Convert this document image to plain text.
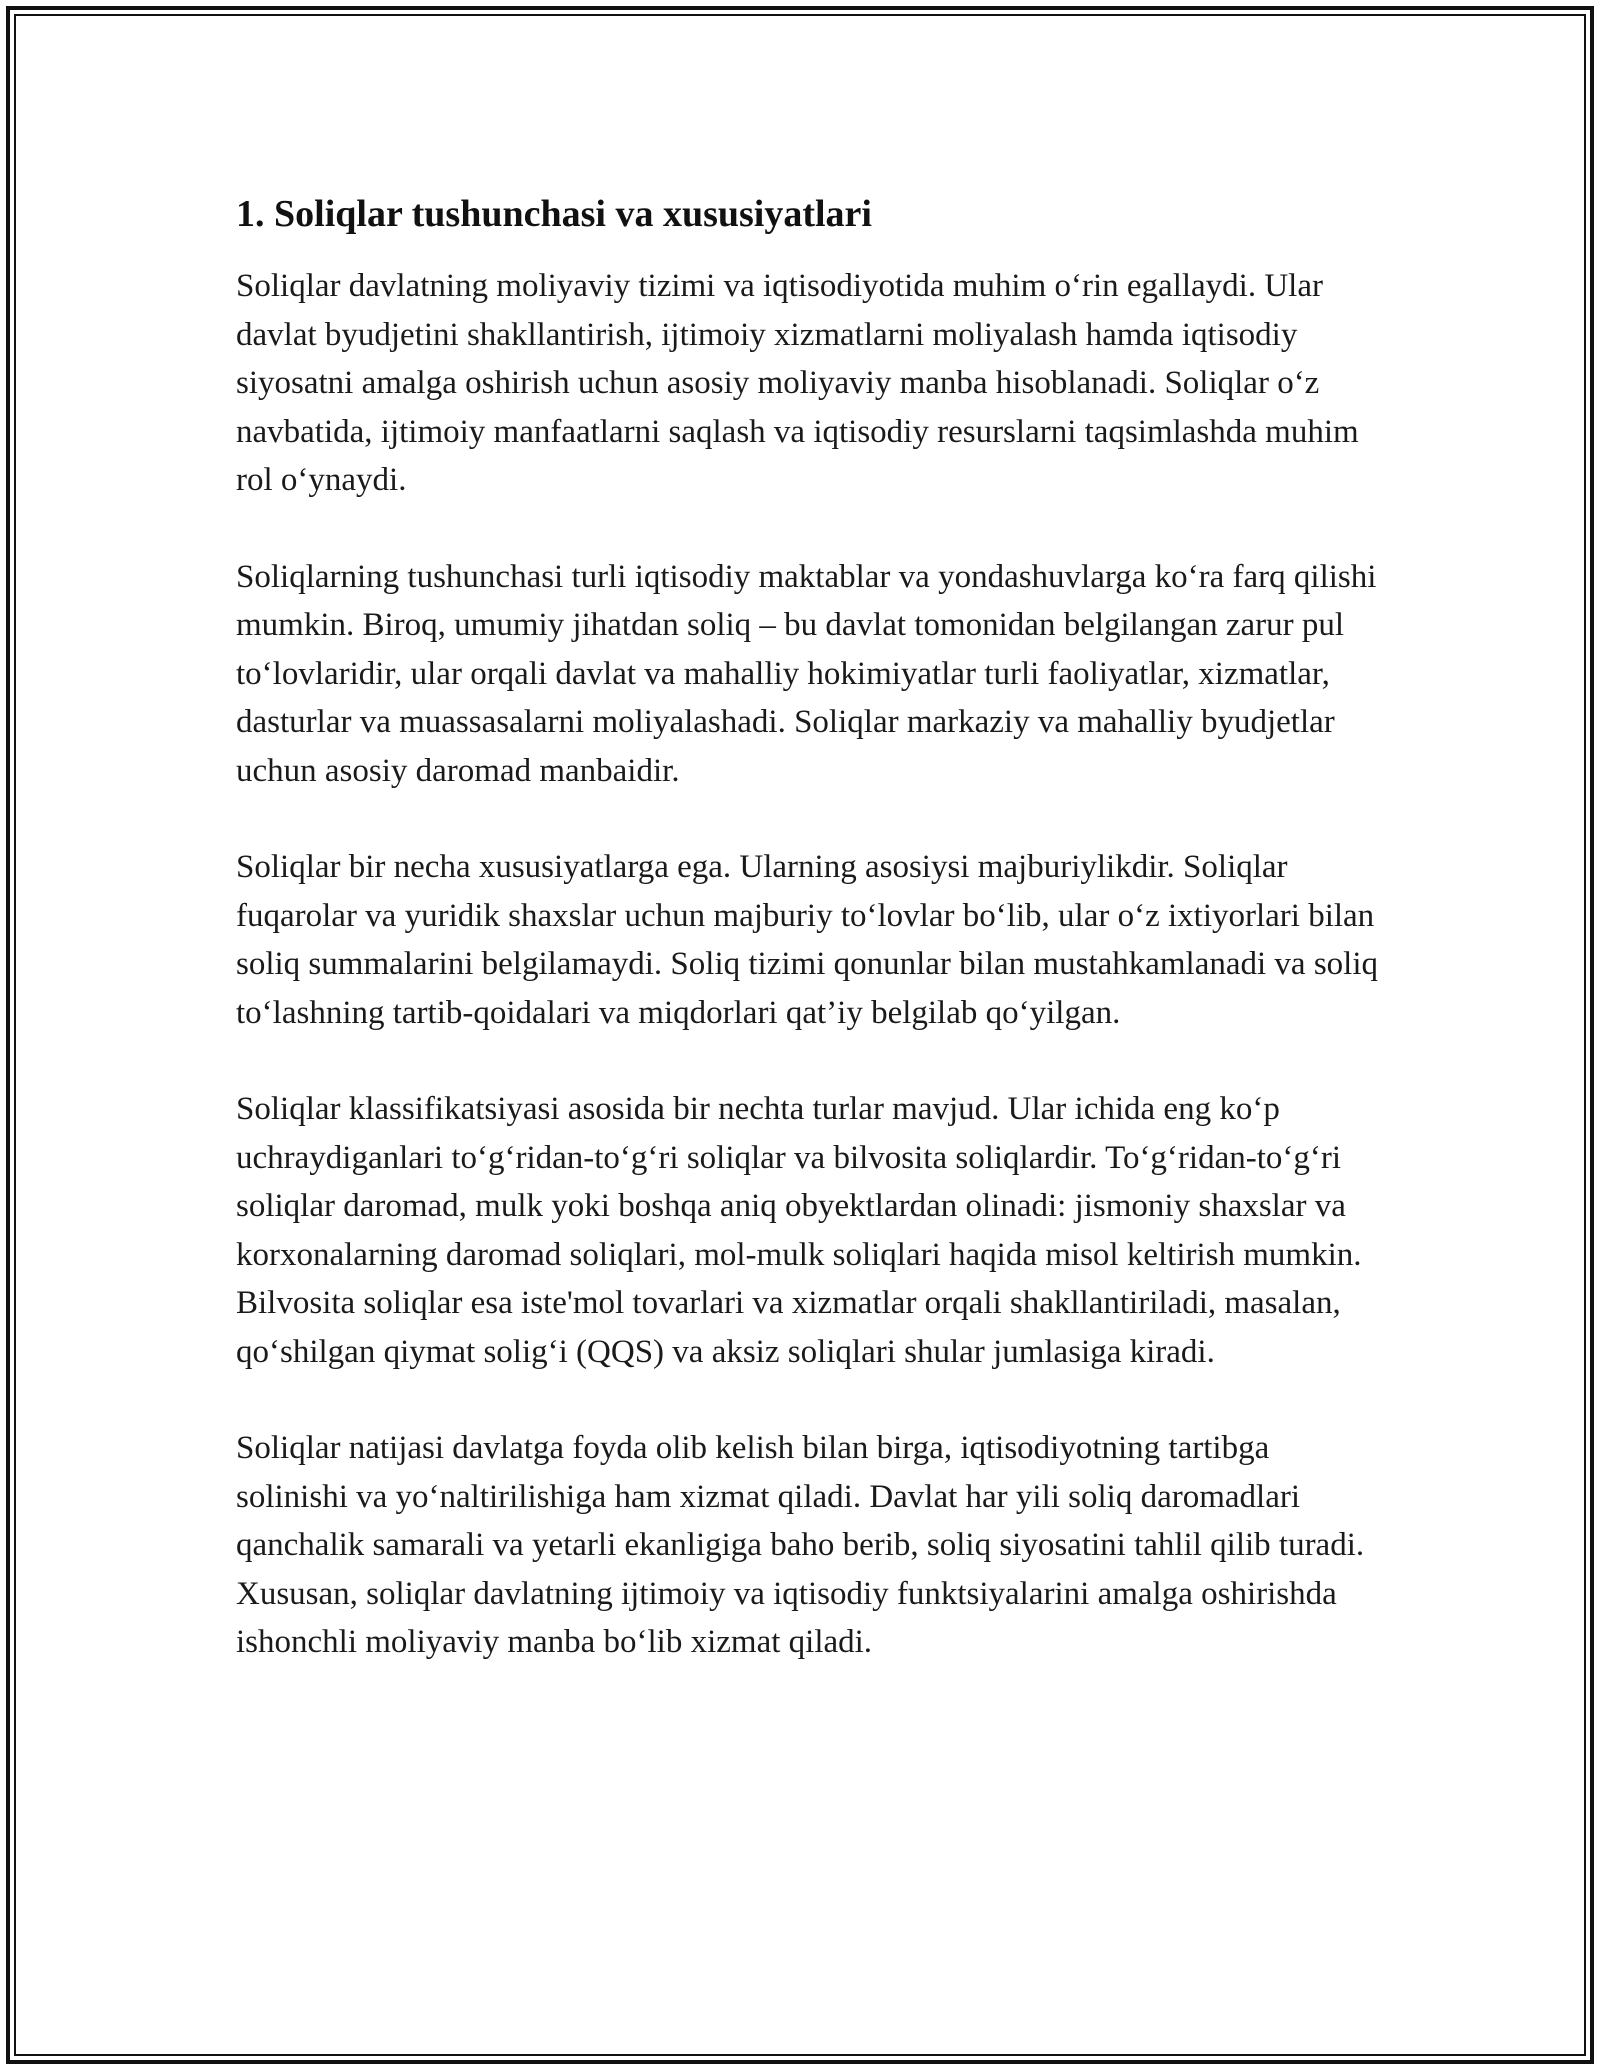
1. Soliqlar tushunchasi va xususiyatlari

Soliqlar davlatning moliyaviy tizimi va iqtisodiyotida muhim o‘rin egallaydi. Ular davlat byudjetini shakllantirish, ijtimoiy xizmatlarni moliyalash hamda iqtisodiy siyosatni amalga oshirish uchun asosiy moliyaviy manba hisoblanadi. Soliqlar o‘z navbatida, ijtimoiy manfaatlarni saqlash va iqtisodiy resurslarni taqsimlashda muhim rol o‘ynaydi.

Soliqlarning tushunchasi turli iqtisodiy maktablar va yondashuvlarga ko‘ra farq qilishi mumkin. Biroq, umumiy jihatdan soliq – bu davlat tomonidan belgilangan zarur pul to‘lovlaridir, ular orqali davlat va mahalliy hokimiyatlar turli faoliyatlar, xizmatlar, dasturlar va muassasalarni moliyalashadi. Soliqlar markaziy va mahalliy byudjetlar uchun asosiy daromad manbaidir.

Soliqlar bir necha xususiyatlarga ega. Ularning asosiysi majburiylikdir. Soliqlar fuqarolar va yuridik shaxslar uchun majburiy to‘lovlar bo‘lib, ular o‘z ixtiyorlari bilan soliq summalarini belgilamaydi. Soliq tizimi qonunlar bilan mustahkamlanadi va soliq to‘lashning tartib-qoidalari va miqdorlari qat’iy belgilab qo‘yilgan.

Soliqlar klassifikatsiyasi asosida bir nechta turlar mavjud. Ular ichida eng ko‘p uchraydiganlari to‘g‘ridan-to‘g‘ri soliqlar va bilvosita soliqlardir. To‘g‘ridan-to‘g‘ri soliqlar daromad, mulk yoki boshqa aniq obyektlardan olinadi: jismoniy shaxslar va korxonalarning daromad soliqlari, mol-mulk soliqlari haqida misol keltirish mumkin. Bilvosita soliqlar esa iste'mol tovarlari va xizmatlar orqali shakllantiriladi, masalan, qo‘shilgan qiymat solig‘i (QQS) va aksiz soliqlari shular jumlasiga kiradi.

Soliqlar natijasi davlatga foyda olib kelish bilan birga, iqtisodiyotning tartibga solinishi va yo‘naltirilishiga ham xizmat qiladi. Davlat har yili soliq daromadlari qanchalik samarali va yetarli ekanligiga baho berib, soliq siyosatini tahlil qilib turadi. Xususan, soliqlar davlatning ijtimoiy va iqtisodiy funktsiyalarini amalga oshirishda ishonchli moliyaviy manba bo‘lib xizmat qiladi.
